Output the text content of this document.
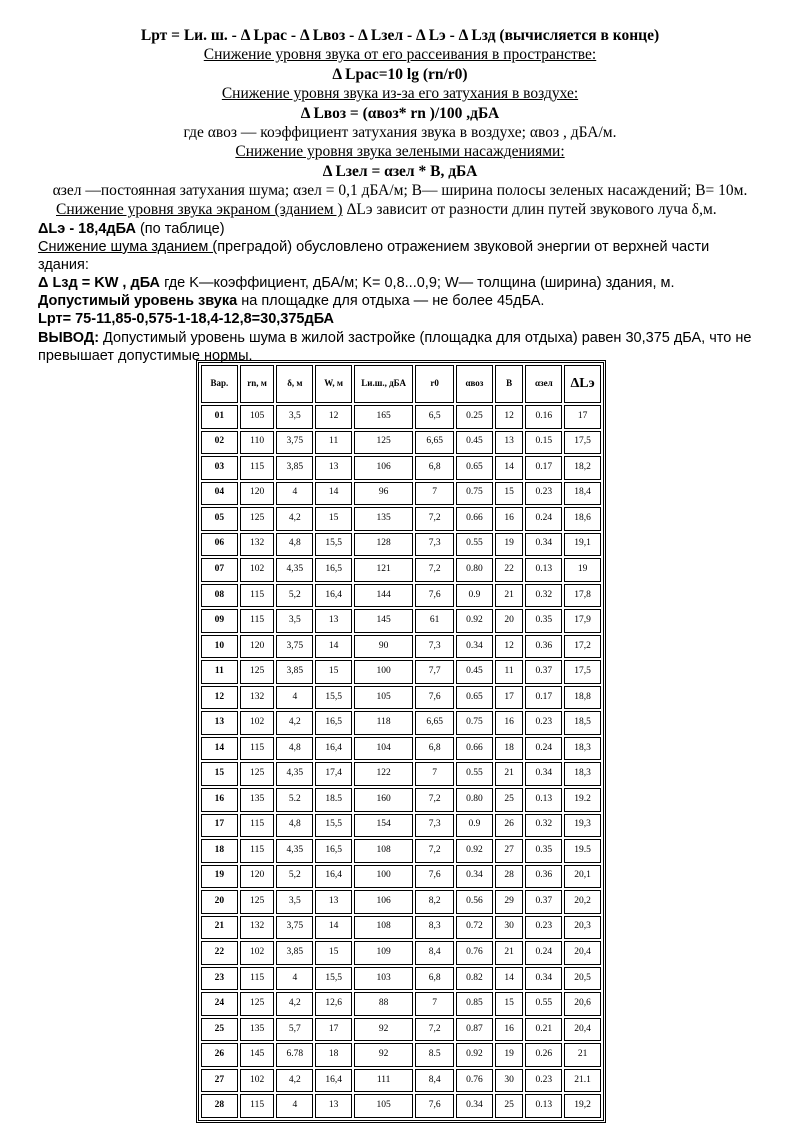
Lрт = Lи. ш. - Δ Lрас - Δ Lвоз - Δ Lзел - Δ Lэ - Δ Lзд (вычисляется в конце)

Снижение уровня звука от его рассеивания в пространстве:

Δ Lрас=10 lg (rn/r0)

Снижение уровня звука из-за его затухания в воздухе:

Δ Lвоз = (αвоз* rn )/100 ,дБА

где αвоз — коэффициент затухания звука в воздухе; αвоз , дБА/м.

Снижение уровня звука зелеными насаждениями:

Δ Lзел = αзел * B, дБА

αзел —постоянная затухания шума; αзел = 0,1 дБА/м; B— ширина полосы зеленых насаждений; B= 10м.

Снижение уровня звука экраном (зданием ) ΔLэ зависит от разности длин путей звукового луча δ,м.

ΔLэ - 18,4дБА (по таблице)

Снижение шума зданием (преградой) обусловлено отражением звуковой энергии от верхней части здания:

Δ Lзд = KW , дБА где K—коэффициент, дБА/м; K= 0,8...0,9; W— толщина (ширина) здания, м.

Допустимый уровень звука на площадке для отдыха — не более 45дБА.

Lрт= 75-11,85-0,575-1-18,4-12,8=30,375дБА

ВЫВОД: Допустимый уровень шума в жилой застройке (площадка для отдыха) равен 30,375 дБА, что не превышает допустимые нормы.

Вар.	rn, м	δ, м	W, м	Lи.ш., дБА	r0	αвоз	B	αзел	ΔLэ
01	105	3,5	12	165	6,5	0.25	12	0.16	17
02	110	3,75	11	125	6,65	0.45	13	0.15	17,5
03	115	3,85	13	106	6,8	0.65	14	0.17	18,2
04	120	4	14	96	7	0.75	15	0.23	18,4
05	125	4,2	15	135	7,2	0.66	16	0.24	18,6
06	132	4,8	15,5	128	7,3	0.55	19	0.34	19,1
07	102	4,35	16,5	121	7,2	0.80	22	0.13	19
08	115	5,2	16,4	144	7,6	0.9	21	0.32	17,8
09	115	3,5	13	145	61	0.92	20	0.35	17,9
10	120	3,75	14	90	7,3	0.34	12	0.36	17,2
11	125	3,85	15	100	7,7	0.45	11	0.37	17,5
12	132	4	15,5	105	7,6	0.65	17	0.17	18,8
13	102	4,2	16,5	118	6,65	0.75	16	0.23	18,5
14	115	4,8	16,4	104	6,8	0.66	18	0.24	18,3
15	125	4,35	17,4	122	7	0.55	21	0.34	18,3
16	135	5.2	18.5	160	7,2	0.80	25	0.13	19.2
17	115	4,8	15,5	154	7,3	0.9	26	0.32	19,3
18	115	4,35	16,5	108	7,2	0.92	27	0.35	19.5
19	120	5,2	16,4	100	7,6	0.34	28	0.36	20,1
20	125	3,5	13	106	8,2	0.56	29	0.37	20,2
21	132	3,75	14	108	8,3	0.72	30	0.23	20,3
22	102	3,85	15	109	8,4	0.76	21	0.24	20,4
23	115	4	15,5	103	6,8	0.82	14	0.34	20,5
24	125	4,2	12,6	88	7	0.85	15	0.55	20,6
25	135	5,7	17	92	7,2	0.87	16	0.21	20,4
26	145	6.78	18	92	8.5	0.92	19	0.26	21
27	102	4,2	16,4	111	8,4	0.76	30	0.23	21.1
28	115	4	13	105	7,6	0.34	25	0.13	19,2
